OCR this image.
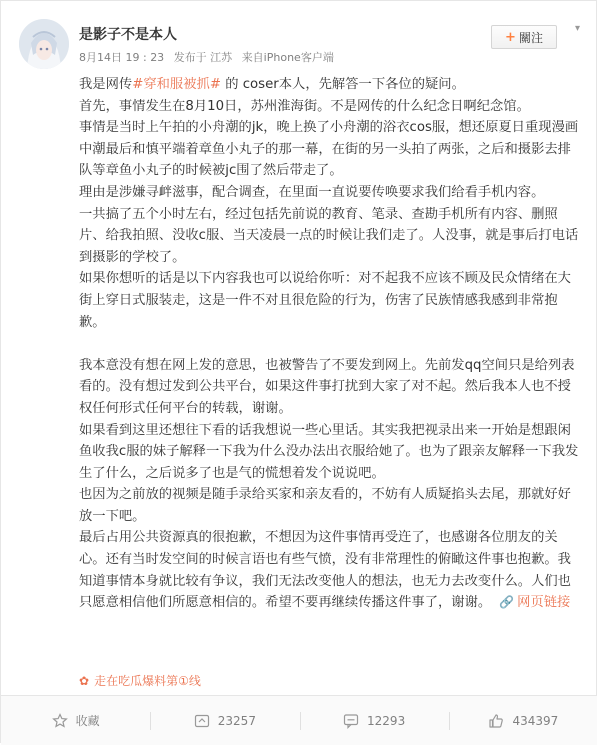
是影子不是本人
8月14日 19 : 23 发布于 江苏 来自iPhone客户端
+ 關注
▾

我是网传#穿和服被抓# 的 coser本人，先解答一下各位的疑问。

首先，事情发生在8月10日，苏州淮海街。不是网传的什么纪念日啊纪念馆。

事情是当时上午拍的小舟潮的jk，晚上换了小舟潮的浴衣cos服，想还原夏日重现漫画中潮最后和慎平端着章鱼小丸子的那一幕，在街的另一头拍了两张，之后和摄影去排队等章鱼小丸子的时候被jc围了然后带走了。

理由是涉嫌寻衅滋事，配合调查，在里面一直说要传唤要求我们给看手机内容。

一共搞了五个小时左右，经过包括先前说的教育、笔录、查勘手机所有内容、删照片、给我拍照、没收c服、当天凌晨一点的时候让我们走了。人没事，就是事后打电话到摄影的学校了。

如果你想听的话是以下内容我也可以说给你听：对不起我不应该不顾及民众情绪在大街上穿日式服装走，这是一件不对且很危险的行为，伤害了民族情感我感到非常抱歉。

我本意没有想在网上发的意思，也被警告了不要发到网上。先前发qq空间只是给列表看的。没有想过发到公共平台，如果这件事打扰到大家了对不起。然后我本人也不授权任何形式任何平台的转载，谢谢。

如果看到这里还想往下看的话我想说一些心里话。其实我把视录出来一开始是想跟闲鱼收我c服的妹子解释一下我为什么没办法出衣服给她了。也为了跟亲友解释一下我发生了什么，之后说多了也是气的慌想着发个说说吧。

也因为之前放的视频是随手录给买家和亲友看的，不妨有人质疑掐头去尾，那就好好放一下吧。

最后占用公共资源真的很抱歉，不想因为这件事情再受迕了，也感谢各位朋友的关心。还有当时发空间的时候言语也有些气愤，没有非常理性的俯瞰这件事也抱歉。我知道事情本身就比较有争议，我们无法改变他人的想法，也无力去改变什么。人们也只愿意相信他们所愿意相信的。希望不要再继续传播这件事了，谢谢。 🔗 网页链接

✿ 走在吃瓜爆料第①线
收藏	23257	12293	434397
